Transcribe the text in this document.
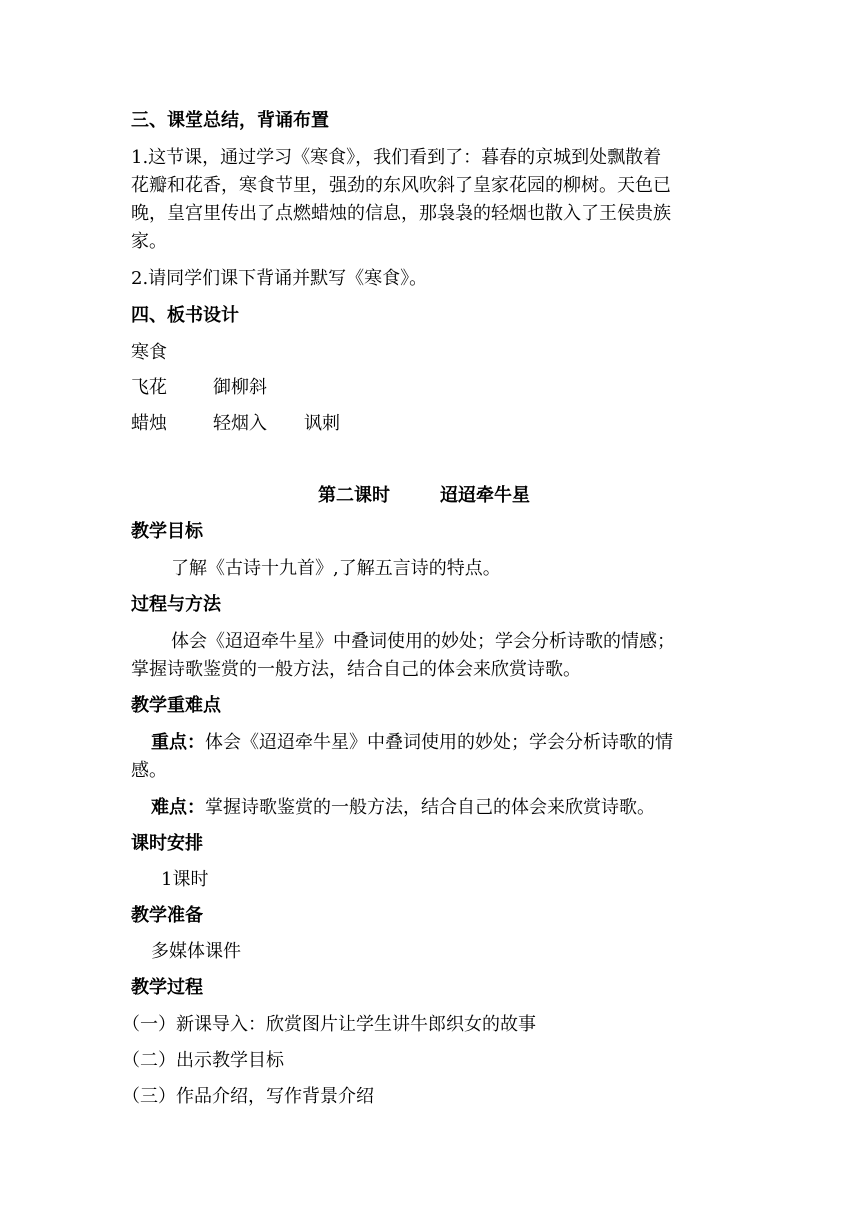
三、课堂总结，背诵布置
1.这节课，通过学习《寒食》，我们看到了：暮春的京城到处飘散着
花瓣和花香，寒食节里，强劲的东风吹斜了皇家花园的柳树。天色已
晚，皇宫里传出了点燃蜡烛的信息，那袅袅的轻烟也散入了王侯贵族
家。
2.请同学们课下背诵并默写《寒食》。
四、板书设计
寒食
飞花	御柳斜
蜡烛	轻烟入 讽刺
第二课时	迢迢牵牛星
教学目标
了解《古诗十九首》,了解五言诗的特点。
过程与方法
体会《迢迢牵牛星》中叠词使用的妙处；学会分析诗歌的情感；
掌握诗歌鉴赏的一般方法，结合自己的体会来欣赏诗歌。
教学重难点
重点：体会《迢迢牵牛星》中叠词使用的妙处；学会分析诗歌的情
感。
难点：掌握诗歌鉴赏的一般方法，结合自己的体会来欣赏诗歌。
课时安排
1课时
教学准备
多媒体课件
教学过程
（一）新课导入：欣赏图片让学生讲牛郎织女的故事
（二）出示教学目标
（三）作品介绍，写作背景介绍
